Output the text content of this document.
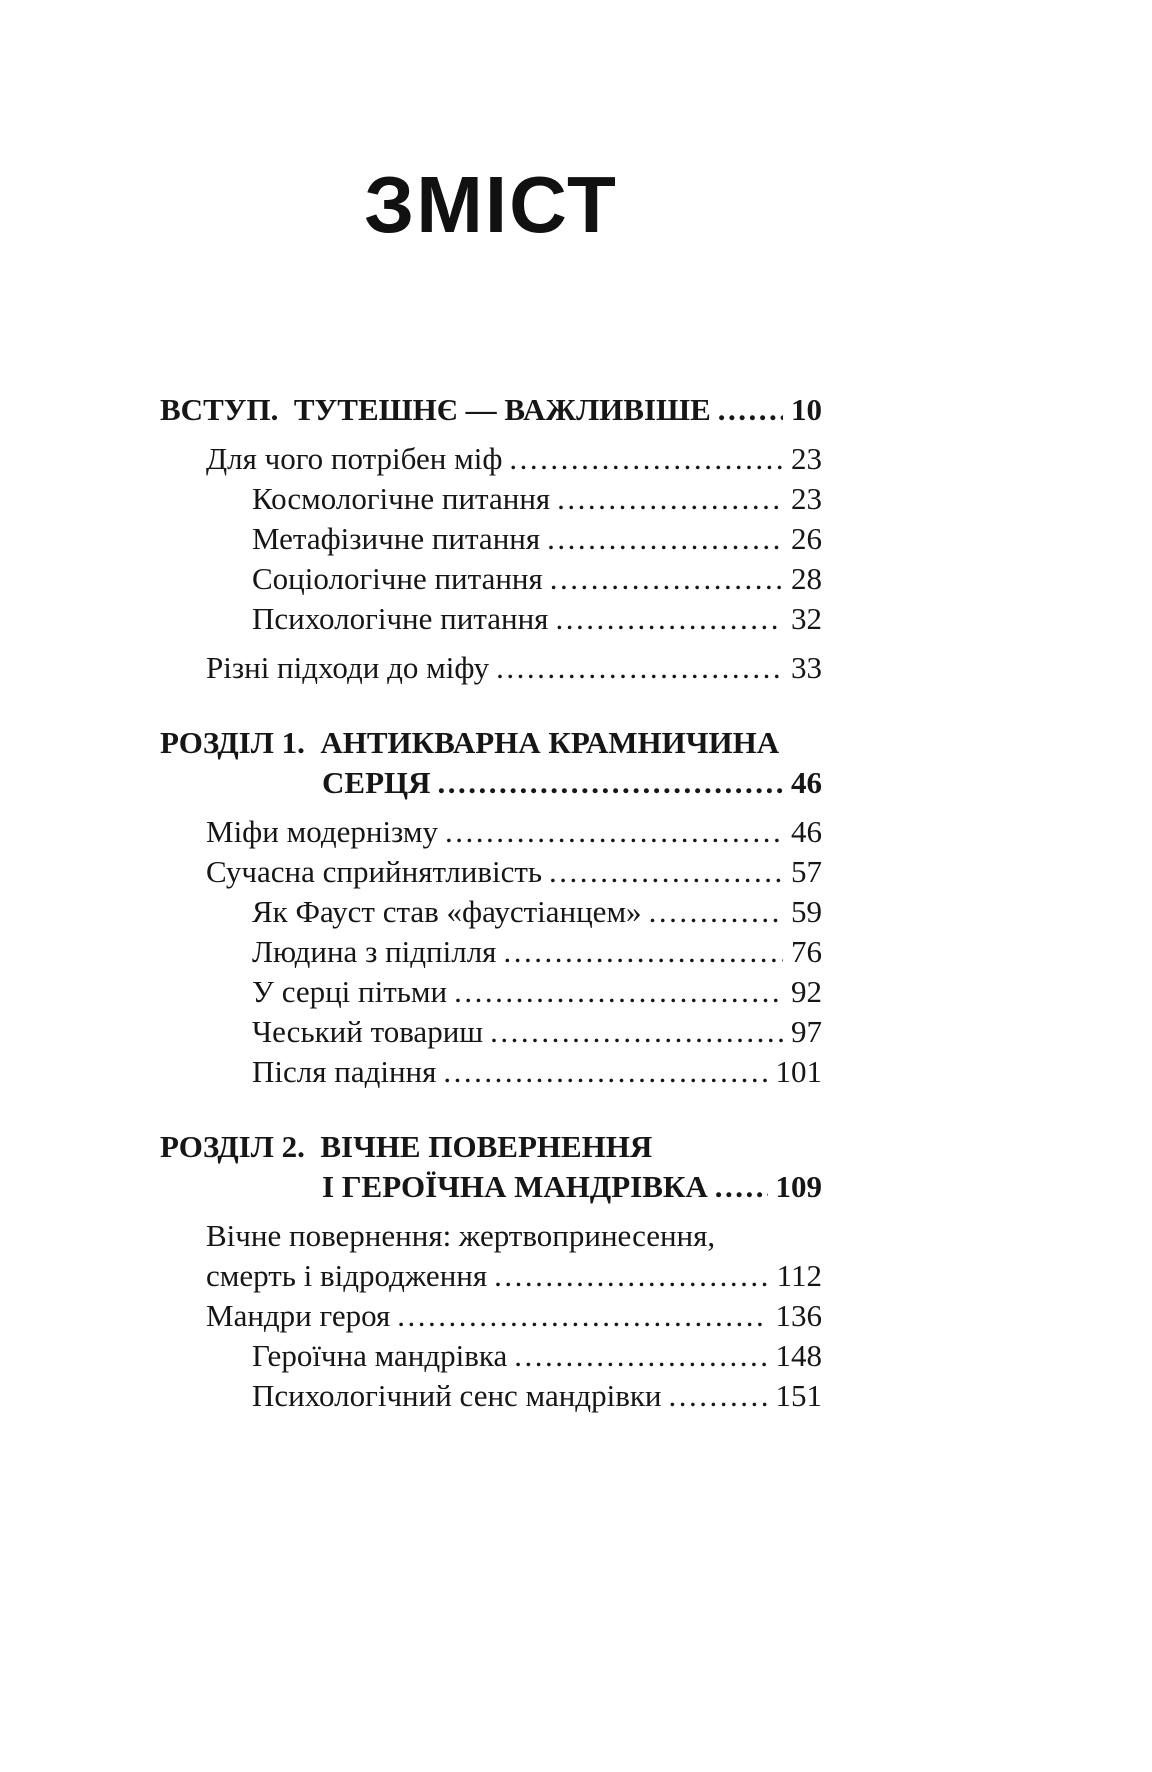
ЗМІСТ
ВСТУП.  ТУТЕШНЄ — ВАЖЛИВІШЕ .....	10
Для чого потрібен міф .....	23
Космологічне питання .....	23
Метафізичне питання .....	26
Соціологічне питання .....	28
Психологічне питання .....	32
Різні підходи до міфу .....	33
РОЗДІЛ 1.  АНТИКВАРНА КРАМНИЧИНА
СЕРЦЯ .....	46
Міфи модернізму .....	46
Сучасна сприйнятливість .....	57
Як Фауст став «фаустіанцем» .....	59
Людина з підпілля .....	76
У серці пітьми .....	92
Чеський товариш .....	97
Після падіння .....	101
РОЗДІЛ 2.  ВІЧНЕ ПОВЕРНЕННЯ
І ГЕРОЇЧНА МАНДРІВКА ..... 109
Вічне повернення: жертвопринесення,
смерть і відродження .....	112
Мандри героя .....	136
Героїчна мандрівка .....	148
Психологічний сенс мандрівки .....	151
